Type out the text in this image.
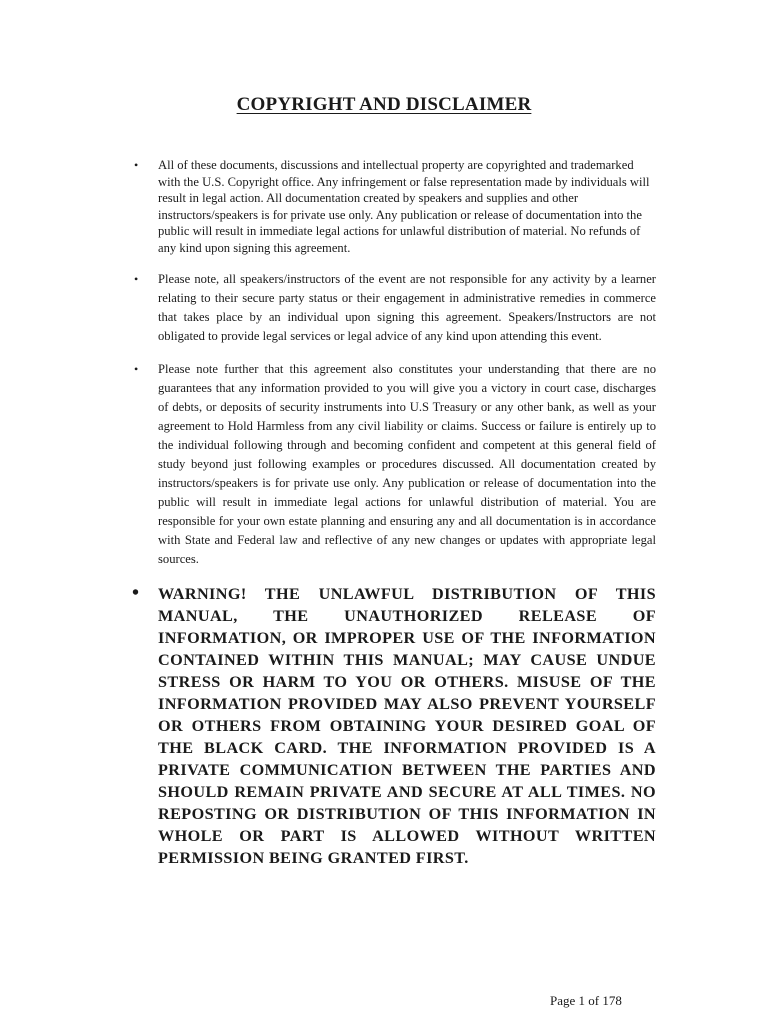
COPYRIGHT AND DISCLAIMER
• All of these documents, discussions and intellectual property are copyrighted and trademarked with the U.S. Copyright office. Any infringement or false representation made by individuals will result in legal action. All documentation created by speakers and supplies and other instructors/speakers is for private use only. Any publication or release of documentation into the public will result in immediate legal actions for unlawful distribution of material. No refunds of any kind upon signing this agreement.
• Please note, all speakers/instructors of the event are not responsible for any activity by a learner relating to their secure party status or their engagement in administrative remedies in commerce that takes place by an individual upon signing this agreement. Speakers/Instructors are not obligated to provide legal services or legal advice of any kind upon attending this event.
• Please note further that this agreement also constitutes your understanding that there are no guarantees that any information provided to you will give you a victory in court case, discharges of debts, or deposits of security instruments into U.S Treasury or any other bank, as well as your agreement to Hold Harmless from any civil liability or claims. Success or failure is entirely up to the individual following through and becoming confident and competent at this general field of study beyond just following examples or procedures discussed. All documentation created by instructors/speakers is for private use only. Any publication or release of documentation into the public will result in immediate legal actions for unlawful distribution of material. You are responsible for your own estate planning and ensuring any and all documentation is in accordance with State and Federal law and reflective of any new changes or updates with appropriate legal sources.
• WARNING! THE UNLAWFUL DISTRIBUTION OF THIS MANUAL, THE UNAUTHORIZED RELEASE OF INFORMATION, OR IMPROPER USE OF THE INFORMATION CONTAINED WITHIN THIS MANUAL; MAY CAUSE UNDUE STRESS OR HARM TO YOU OR OTHERS. MISUSE OF THE INFORMATION PROVIDED MAY ALSO PREVENT YOURSELF OR OTHERS FROM OBTAINING YOUR DESIRED GOAL OF THE BLACK CARD. THE INFORMATION PROVIDED IS A PRIVATE COMMUNICATION BETWEEN THE PARTIES AND SHOULD REMAIN PRIVATE AND SECURE AT ALL TIMES. NO REPOSTING OR DISTRIBUTION OF THIS INFORMATION IN WHOLE OR PART IS ALLOWED WITHOUT WRITTEN PERMISSION BEING GRANTED FIRST.
Page 1 of 178
